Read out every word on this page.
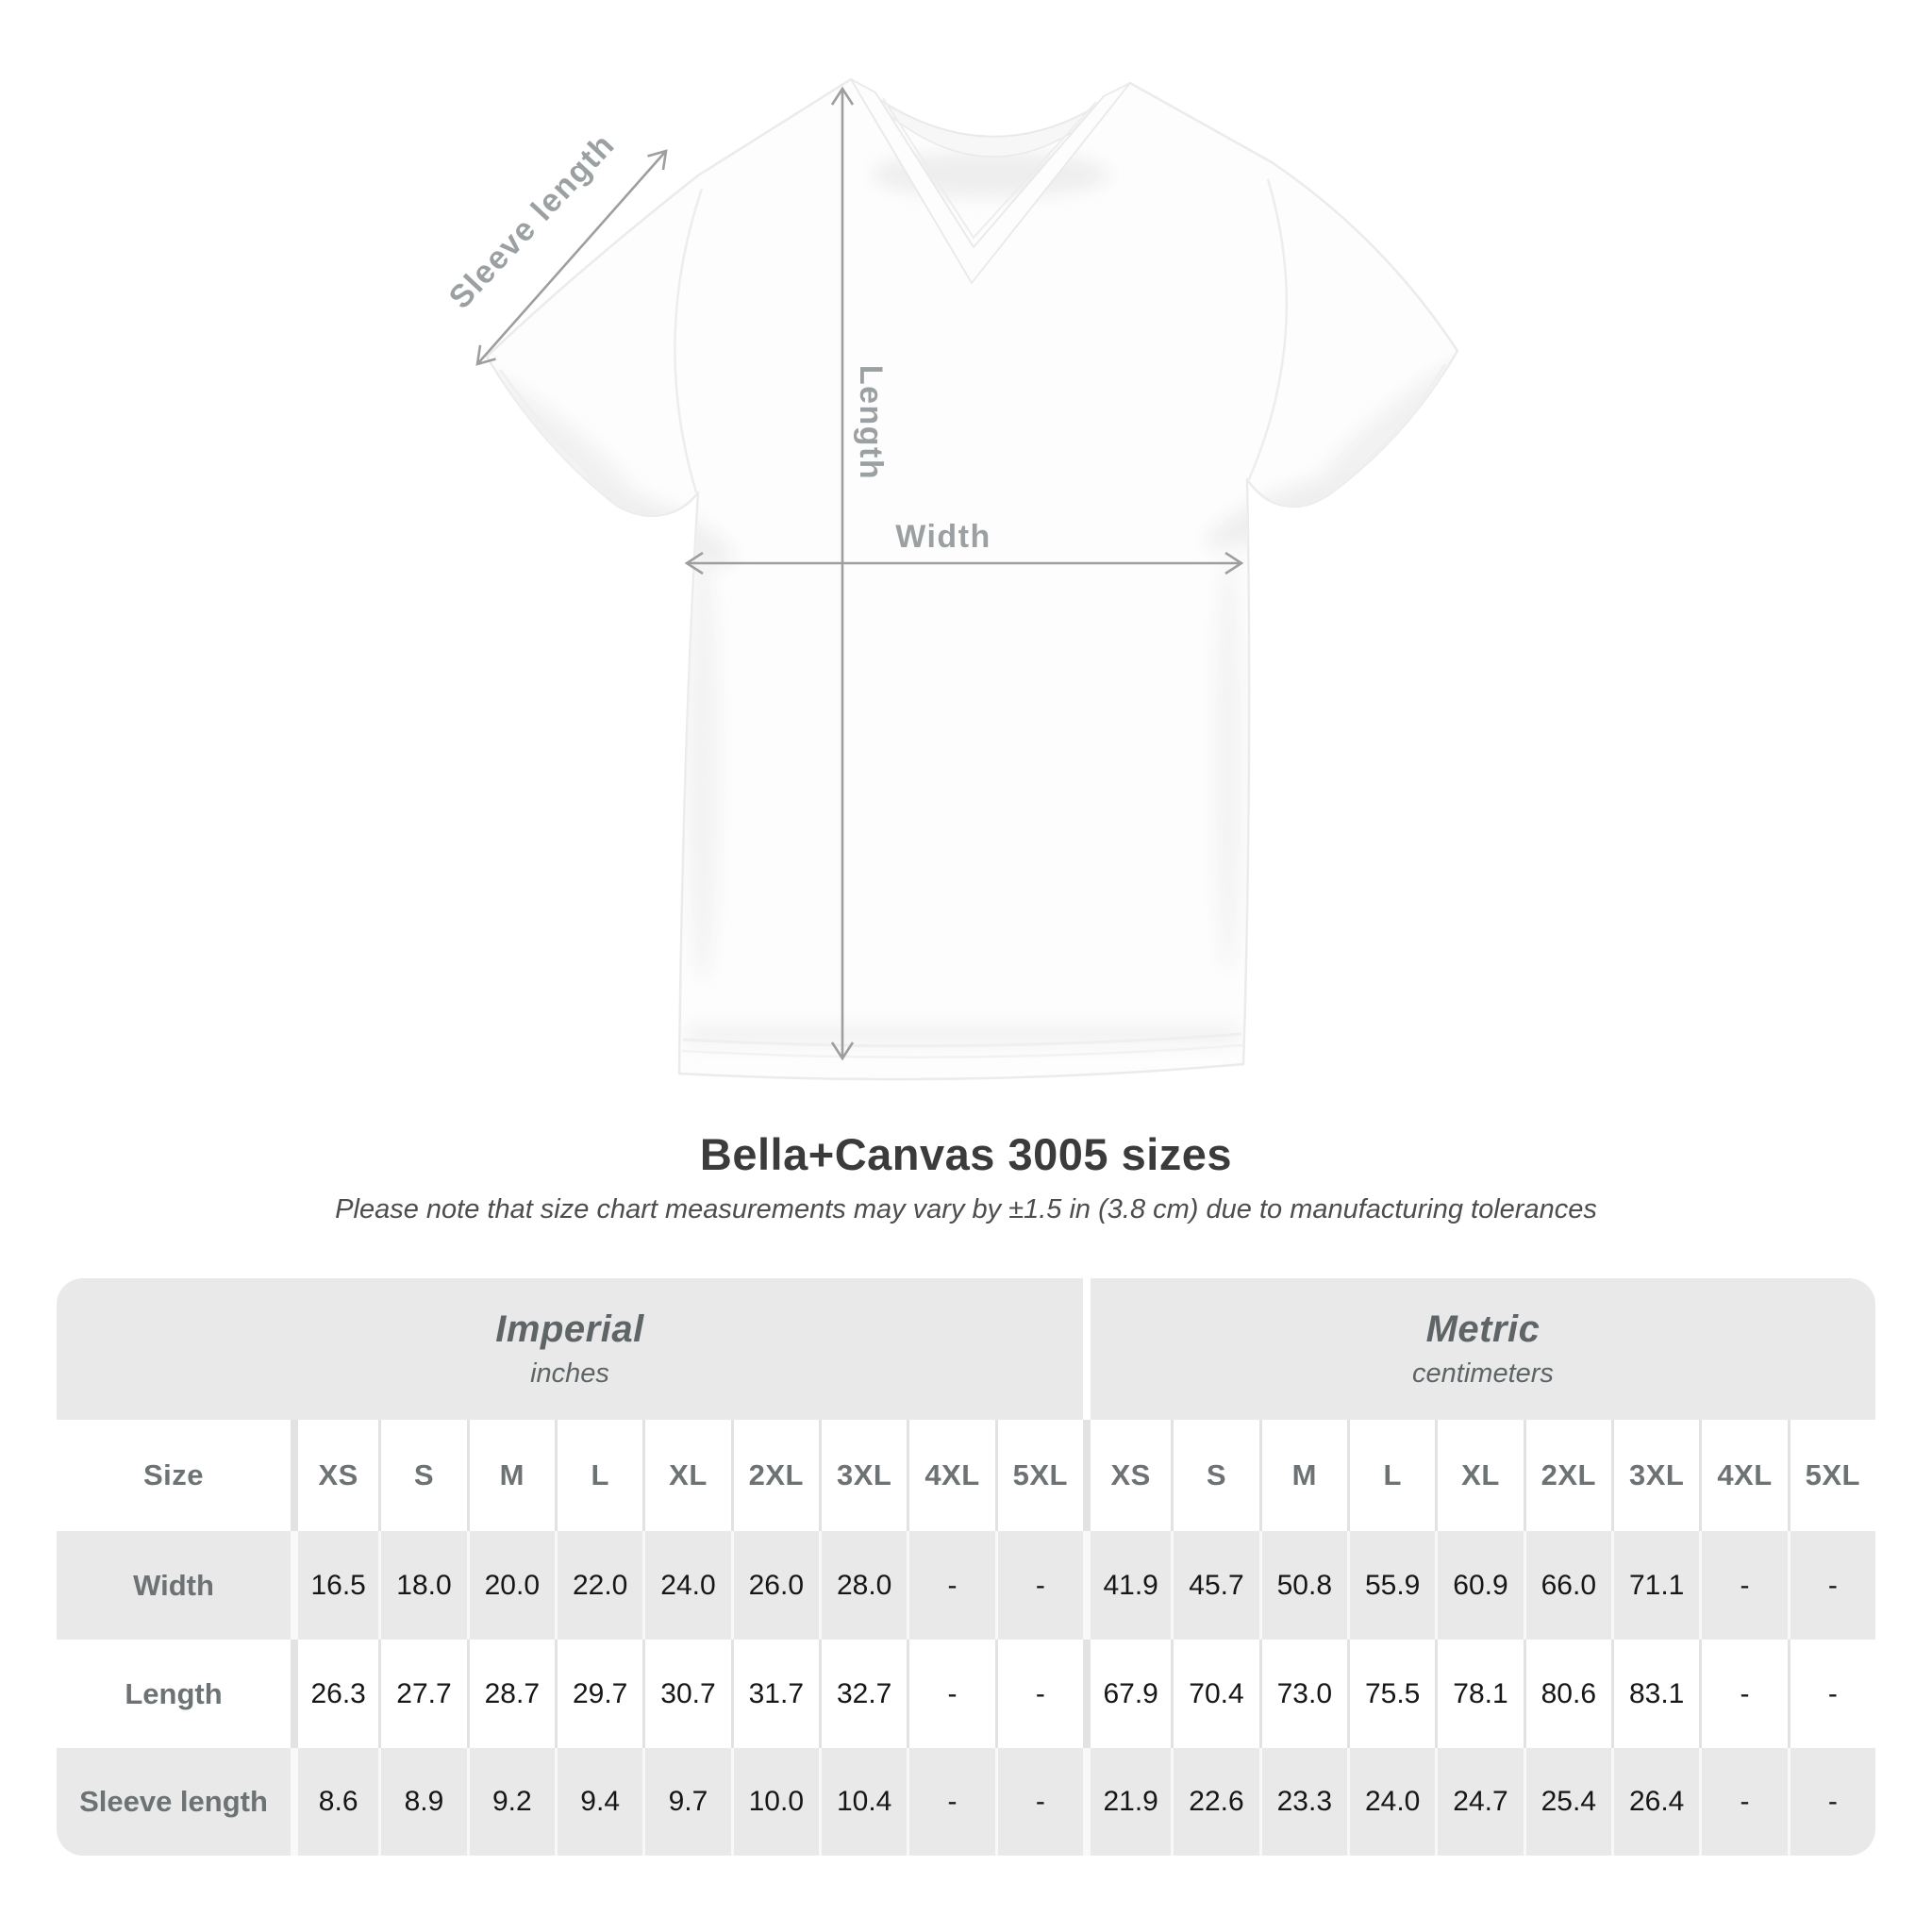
Sleeve length
Length
Width
Bella+Canvas 3005 sizes
Please note that size chart measurements may vary by ±1.5 in (3.8 cm) due to manufacturing tolerances
Imperial
inches
Metric
centimeters
Size	XS S M L XL 2XL 3XL 4XL 5XL XS S M L XL 2XL 3XL 4XL 5XL
Width	16.5 18.0 20.0 22.0 24.0 26.0 28.0 -	- 41.9 45.7 50.8 55.9 60.9 66.0 71.1 -	-
Length	26.3 27.7 28.7 29.7 30.7 31.7 32.7 -	- 67.9 70.4 73.0 75.5 78.1 80.6 83.1 -	-
Sleeve length 8.6 8.9 9.2 9.4 9.7 10.0 10.4 -	- 21.9 22.6 23.3 24.0 24.7 25.4 26.4 -	-
